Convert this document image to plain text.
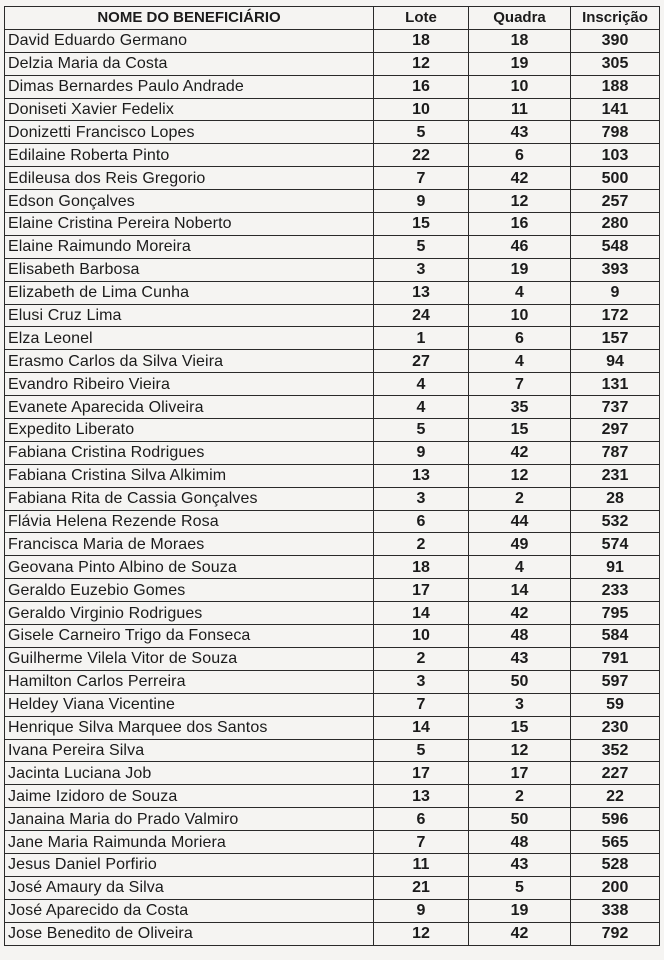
NOME DO BENEFICIÁRIO	Lote	Quadra	Inscrição
David Eduardo Germano	18	18	390
Delzia Maria da Costa	12	19	305
Dimas Bernardes Paulo Andrade	16	10	188
Doniseti Xavier Fedelix	10	11	141
Donizetti Francisco Lopes	5	43	798
Edilaine Roberta Pinto	22	6	103
Edileusa dos Reis Gregorio	7	42	500
Edson Gonçalves	9	12	257
Elaine Cristina Pereira Noberto	15	16	280
Elaine Raimundo Moreira	5	46	548
Elisabeth Barbosa	3	19	393
Elizabeth de Lima Cunha	13	4	9
Elusi Cruz Lima	24	10	172
Elza Leonel	1	6	157
Erasmo Carlos da Silva Vieira	27	4	94
Evandro Ribeiro Vieira	4	7	131
Evanete Aparecida Oliveira	4	35	737
Expedito Liberato	5	15	297
Fabiana Cristina Rodrigues	9	42	787
Fabiana Cristina Silva Alkimim	13	12	231
Fabiana Rita de Cassia Gonçalves	3	2	28
Flávia Helena Rezende Rosa	6	44	532
Francisca Maria de Moraes	2	49	574
Geovana Pinto Albino de Souza	18	4	91
Geraldo Euzebio Gomes	17	14	233
Geraldo Virginio Rodrigues	14	42	795
Gisele Carneiro Trigo da Fonseca	10	48	584
Guilherme Vilela Vitor de Souza	2	43	791
Hamilton Carlos Perreira	3	50	597
Heldey Viana Vicentine	7	3	59
Henrique Silva Marquee dos Santos	14	15	230
Ivana Pereira Silva	5	12	352
Jacinta Luciana Job	17	17	227
Jaime Izidoro de Souza	13	2	22
Janaina Maria do Prado Valmiro	6	50	596
Jane Maria Raimunda Moriera	7	48	565
Jesus Daniel Porfirio	11	43	528
José Amaury da Silva	21	5	200
José Aparecido da Costa	9	19	338
Jose Benedito de Oliveira	12	42	792
